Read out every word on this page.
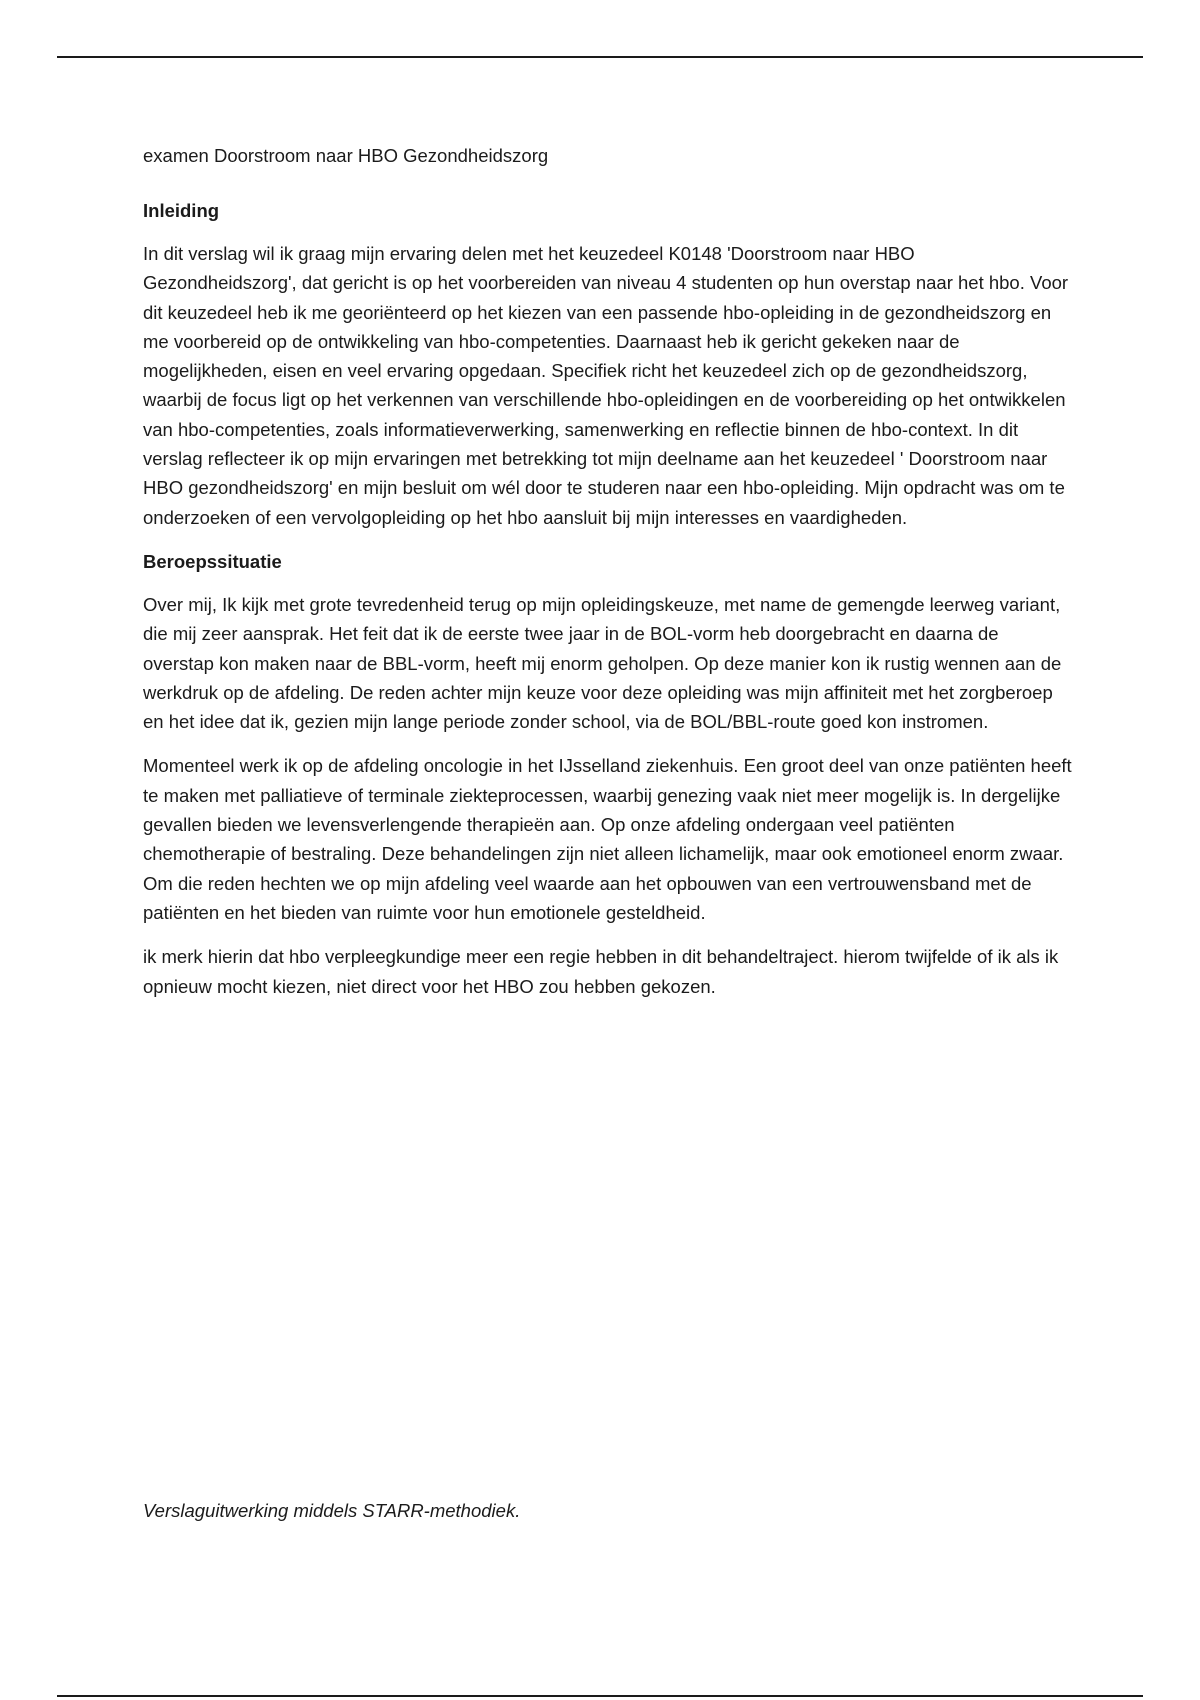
examen Doorstroom naar HBO Gezondheidszorg

Inleiding

In dit verslag wil ik graag mijn ervaring delen met het keuzedeel K0148 'Doorstroom naar HBO Gezondheidszorg', dat gericht is op het voorbereiden van niveau 4 studenten op hun overstap naar het hbo. Voor dit keuzedeel heb ik me georiënteerd op het kiezen van een passende hbo-opleiding in de gezondheidszorg en me voorbereid op de ontwikkeling van hbo-competenties. Daarnaast heb ik gericht gekeken naar de mogelijkheden, eisen en veel ervaring opgedaan. Specifiek richt het keuzedeel zich op de gezondheidszorg, waarbij de focus ligt op het verkennen van verschillende hbo-opleidingen en de voorbereiding op het ontwikkelen van hbo-competenties, zoals informatieverwerking, samenwerking en reflectie binnen de hbo-context. In dit verslag reflecteer ik op mijn ervaringen met betrekking tot mijn deelname aan het keuzedeel ' Doorstroom naar HBO gezondheidszorg' en mijn besluit om wél door te studeren naar een hbo-opleiding. Mijn opdracht was om te onderzoeken of een vervolgopleiding op het hbo aansluit bij mijn interesses en vaardigheden.

Beroepssituatie

Over mij, Ik kijk met grote tevredenheid terug op mijn opleidingskeuze, met name de gemengde leerweg variant, die mij zeer aansprak. Het feit dat ik de eerste twee jaar in de BOL-vorm heb doorgebracht en daarna de overstap kon maken naar de BBL-vorm, heeft mij enorm geholpen. Op deze manier kon ik rustig wennen aan de werkdruk op de afdeling. De reden achter mijn keuze voor deze opleiding was mijn affiniteit met het zorgberoep en het idee dat ik, gezien mijn lange periode zonder school, via de BOL/BBL-route goed kon instromen.

Momenteel werk ik op de afdeling oncologie in het IJsselland ziekenhuis. Een groot deel van onze patiënten heeft te maken met palliatieve of terminale ziekteprocessen, waarbij genezing vaak niet meer mogelijk is. In dergelijke gevallen bieden we levensverlengende therapieën aan. Op onze afdeling ondergaan veel patiënten chemotherapie of bestraling. Deze behandelingen zijn niet alleen lichamelijk, maar ook emotioneel enorm zwaar. Om die reden hechten we op mijn afdeling veel waarde aan het opbouwen van een vertrouwensband met de patiënten en het bieden van ruimte voor hun emotionele gesteldheid.

ik merk hierin dat hbo verpleegkundige meer een regie hebben in dit behandeltraject. hierom twijfelde of ik als ik opnieuw mocht kiezen, niet direct voor het HBO zou hebben gekozen.

Verslaguitwerking middels STARR-methodiek.
